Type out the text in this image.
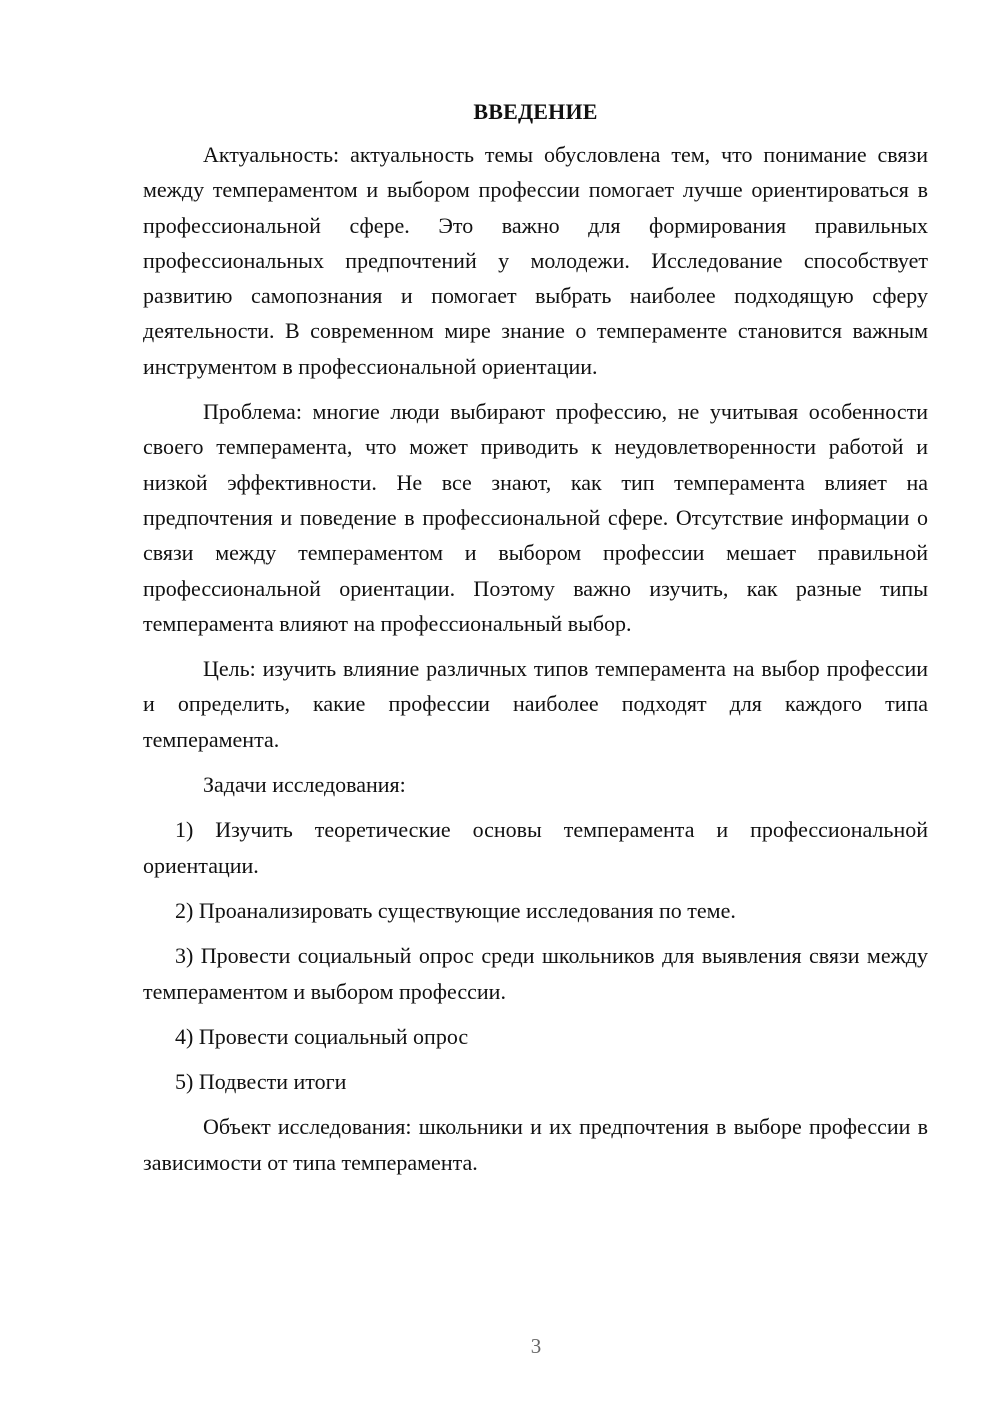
ВВЕДЕНИЕ

Актуальность: актуальность темы обусловлена тем, что понимание связи между темпераментом и выбором профессии помогает лучше ориентироваться в профессиональной сфере. Это важно для формирования правильных профессиональных предпочтений у молодежи. Исследование способствует развитию самопознания и помогает выбрать наиболее подходящую сферу деятельности. В современном мире знание о темпераменте становится важным инструментом в профессиональной ориентации.

Проблема: многие люди выбирают профессию, не учитывая особенности своего темперамента, что может приводить к неудовлетворенности работой и низкой эффективности. Не все знают, как тип темперамента влияет на предпочтения и поведение в профессиональной сфере. Отсутствие информации о связи между темпераментом и выбором профессии мешает правильной профессиональной ориентации. Поэтому важно изучить, как разные типы темперамента влияют на профессиональный выбор.

Цель: изучить влияние различных типов темперамента на выбор профессии и определить, какие профессии наиболее подходят для каждого типа темперамента.

Задачи исследования:

1) Изучить теоретические основы темперамента и профессиональной ориентации.

2) Проанализировать существующие исследования по теме.

3) Провести социальный опрос среди школьников для выявления связи между темпераментом и выбором профессии.

4) Провести социальный опрос

5) Подвести итоги

Объект исследования: школьники и их предпочтения в выборе профессии в зависимости от типа темперамента.

3
